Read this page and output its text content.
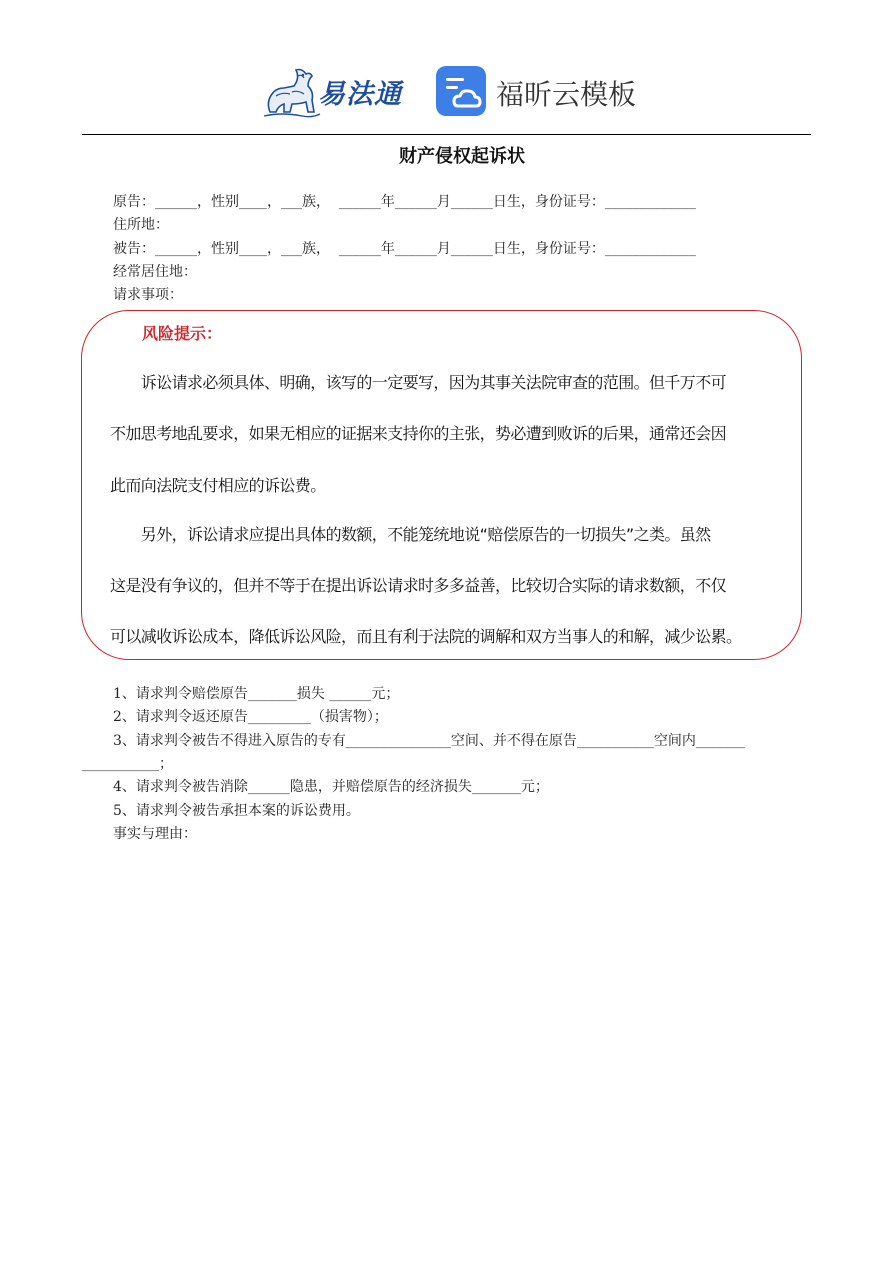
易法通	福昕云模板
财产侵权起诉状
原告：______，性别____，___族，  ______年______月______日生，身份证号：_____________
住所地：
被告：______，性别____，___族，  ______年______月______日生，身份证号：_____________
经常居住地：
请求事项：
风险提示：
　　诉讼请求必须具体、明确，该写的一定要写，因为其事关法院审查的范围。但千万不可
不加思考地乱要求，如果无相应的证据来支持你的主张，势必遭到败诉的后果，通常还会因
此而向法院支付相应的诉讼费。
　　另外，诉讼请求应提出具体的数额，不能笼统地说“赔偿原告的一切损失”之类。虽然
这是没有争议的，但并不等于在提出诉讼请求时多多益善，比较切合实际的请求数额，不仅
可以减收诉讼成本，降低诉讼风险，而且有利于法院的调解和双方当事人的和解，减少讼累。
1、请求判令赔偿原告_______损失 ______元；
2、请求判令返还原告_________（损害物）；
3、请求判令被告不得进入原告的专有_______________空间、并不得在原告___________空间内_______
___________；
4、请求判令被告消除______隐患，并赔偿原告的经济损失_______元；
5、请求判令被告承担本案的诉讼费用。
事实与理由：
